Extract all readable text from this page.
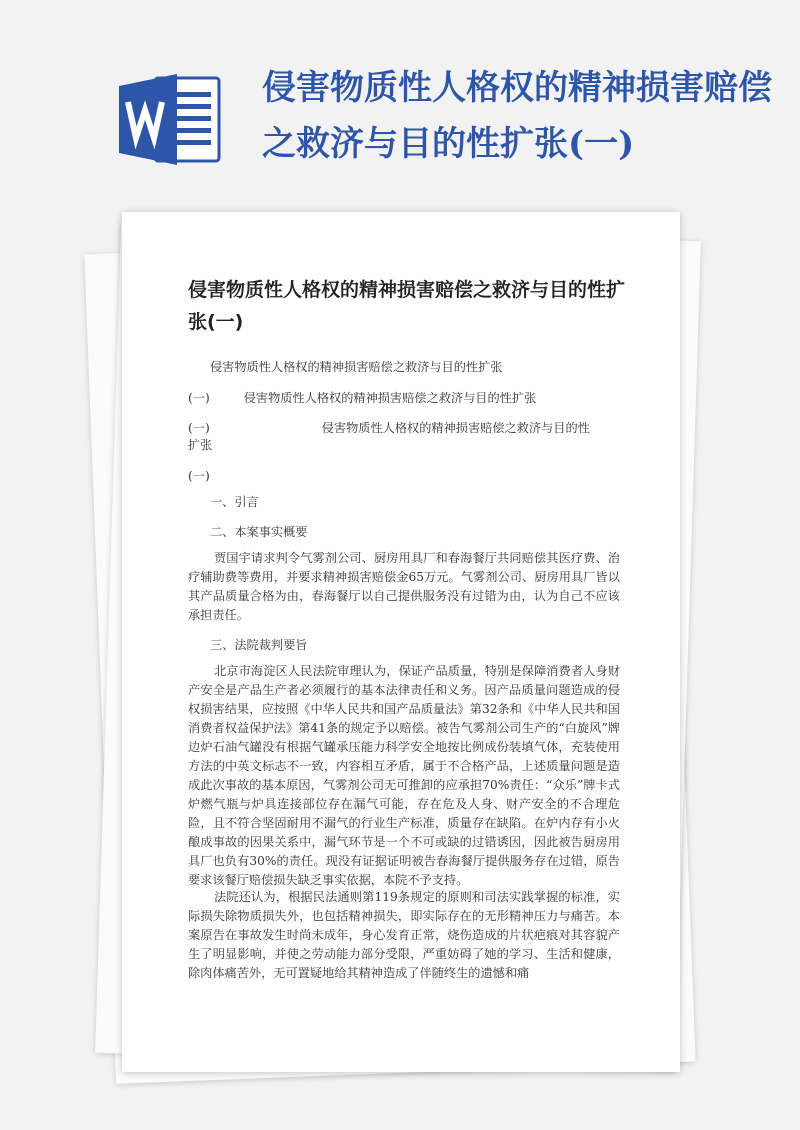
侵害物质性人格权的精神损害赔偿之救济与目的性扩张(一)
侵害物质性人格权的精神损害赔偿之救济与目的性扩张(一)

侵害物质性人格权的精神损害赔偿之救济与目的性扩张

(一)	侵害物质性人格权的精神损害赔偿之救济与目的性扩张

(一)	侵害物质性人格权的精神损害赔偿之救济与目的性

扩张

(一)

一、引言

二、本案事实概要

贾国宇请求判令气雾剂公司、厨房用具厂和春海餐厅共同赔偿其医疗费、治疗辅助费等费用，并要求精神损害赔偿金65万元。气雾剂公司、厨房用具厂皆以其产品质量合格为由，春海餐厅以自己提供服务没有过错为由，认为自己不应该承担责任。

三、法院裁判要旨

北京市海淀区人民法院审理认为，保证产品质量，特别是保障消费者人身财产安全是产品生产者必须履行的基本法律责任和义务。因产品质量问题造成的侵权损害结果，应按照《中华人民共和国产品质量法》第32条和《中华人民共和国消费者权益保护法》第41条的规定予以赔偿。被告气雾剂公司生产的“白旋风”牌边炉石油气罐没有根据气罐承压能力科学安全地按比例成份装填气体，充装使用方法的中英文标志不一致，内容相互矛盾，属于不合格产品，上述质量问题是造成此次事故的基本原因，气雾剂公司无可推卸的应承担70%责任：“众乐”牌卡式炉燃气瓶与炉具连接部位存在漏气可能，存在危及人身、财产安全的不合理危险，且不符合坚固耐用不漏气的行业生产标准，质量存在缺陷。在炉内存有小火酿成事故的因果关系中，漏气环节是一个不可或缺的过错诱因，因此被告厨房用具厂也负有30%的责任。现没有证据证明被告春海餐厅提供服务存在过错，原告要求该餐厅赔偿损失缺乏事实依据，本院不予支持。

法院还认为，根据民法通则第119条规定的原则和司法实践掌握的标准，实际损失除物质损失外，也包括精神损失，即实际存在的无形精神压力与痛苦。本案原告在事故发生时尚未成年，身心发育正常，烧伤造成的片状疤痕对其容貌产生了明显影响，并使之劳动能力部分受限，严重妨碍了她的学习、生活和健康，除肉体痛苦外，无可置疑地给其精神造成了伴随终生的遗憾和痛
